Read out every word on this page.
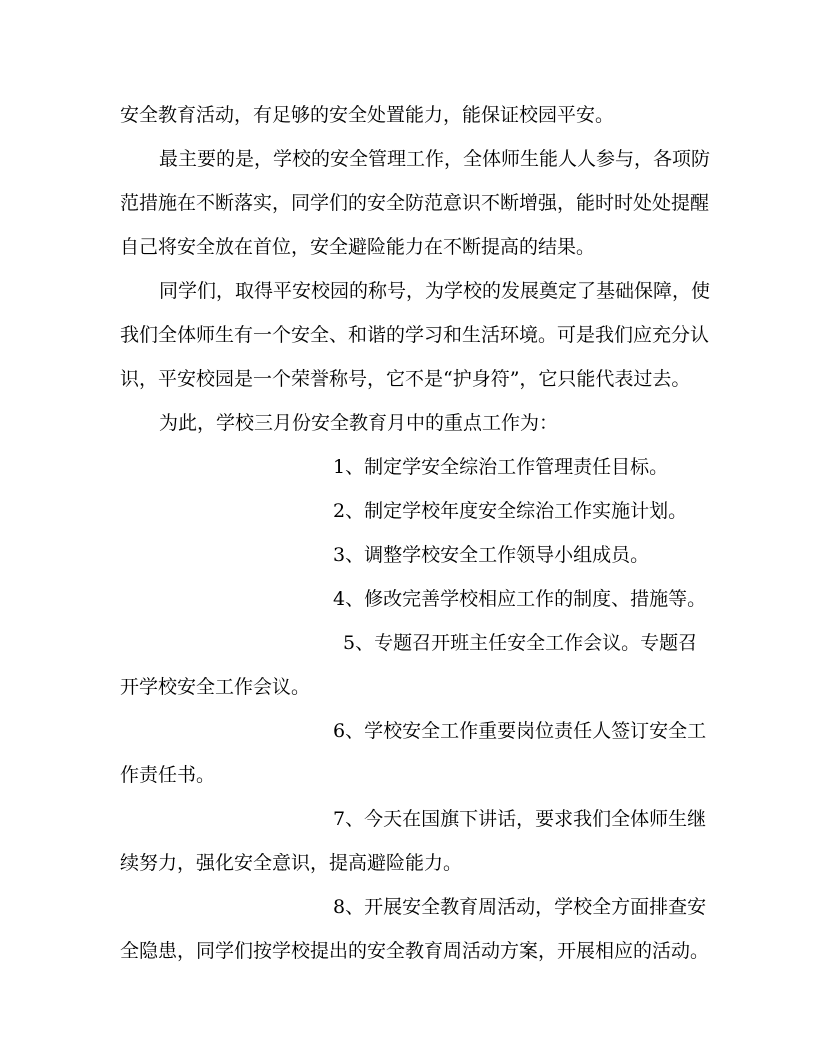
安全教育活动，有足够的安全处置能力，能保证校园平安。
最主要的是，学校的安全管理工作，全体师生能人人参与，各项防
范措施在不断落实，同学们的安全防范意识不断增强，能时时处处提醒
自己将安全放在首位，安全避险能力在不断提高的结果。
同学们，取得平安校园的称号，为学校的发展奠定了基础保障，使
我们全体师生有一个安全、和谐的学习和生活环境。可是我们应充分认
识，平安校园是一个荣誉称号，它不是“护身符”，它只能代表过去。
为此，学校三月份安全教育月中的重点工作为：
1、制定学安全综治工作管理责任目标。
2、制定学校年度安全综治工作实施计划。
3、调整学校安全工作领导小组成员。
4、修改完善学校相应工作的制度、措施等。
5、专题召开班主任安全工作会议。专题召
开学校安全工作会议。
6、学校安全工作重要岗位责任人签订安全工
作责任书。
7、今天在国旗下讲话，要求我们全体师生继
续努力，强化安全意识，提高避险能力。
8、开展安全教育周活动，学校全方面排查安
全隐患，同学们按学校提出的安全教育周活动方案，开展相应的活动。
